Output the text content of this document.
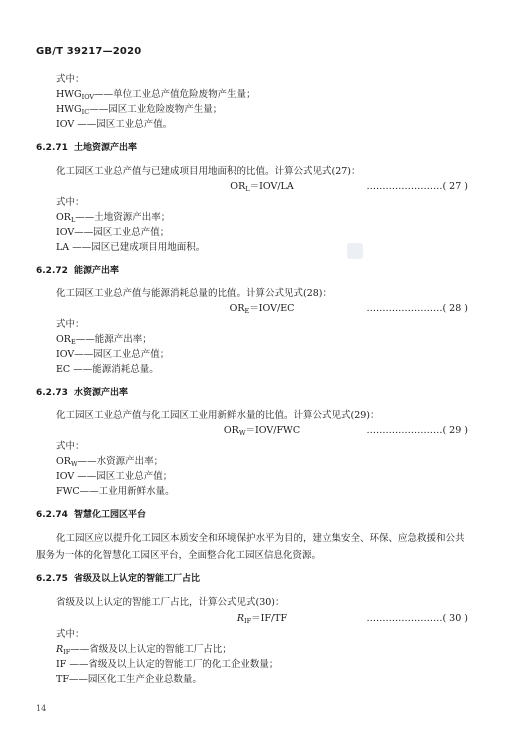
GB/T 39217—2020
式中：
$HWG_{IOV}——$单位工业总产值危险废物产生量；
$HWG_{IC}——$园区工业危险废物产生量；
IOV ——园区工业总产值。
6.2.71 土地资源产出率
化工园区工业总产值与已建成项目用地面积的比值。计算公式见式(27)：
$OR_L=IOV/LA$	……………………( 27 )
式中：
$OR_L——$土地资源产出率；
IOV——园区工业总产值；
LA ——园区已建成项目用地面积。
6.2.72 能源产出率
化工园区工业总产值与能源消耗总量的比值。计算公式见式(28)：
$OR_E=IOV/EC$	……………………( 28 )
式中：
$OR_E——$能源产出率；
IOV——园区工业总产值；
EC ——能源消耗总量。
6.2.73 水资源产出率
化工园区工业总产值与化工园区工业用新鲜水量的比值。计算公式见式(29)：
$OR_W=IOV$/FWC	……………………( 29 )
式中：
$OR_W——$水资源产出率；
IOV ——园区工业总产值；
FWC——工业用新鲜水量。
6.2.74 智慧化工园区平台
化工园区应以提升化工园区本质安全和环境保护水平为目的，建立集安全、环保、应急救援和公共
服务为一体的化智慧化工园区平台，全面整合化工园区信息化资源。
6.2.75 省级及以上认定的智能工厂占比
省级及以上认定的智能工厂占比，计算公式见式(30)：
$R_{IF}=IF/TF$	……………………( 30 )
式中：
$R_{IF}——$省级及以上认定的智能工厂占比；
IF ——省级及以上认定的智能工厂的化工企业数量；
TF——园区化工生产企业总数量。
14
